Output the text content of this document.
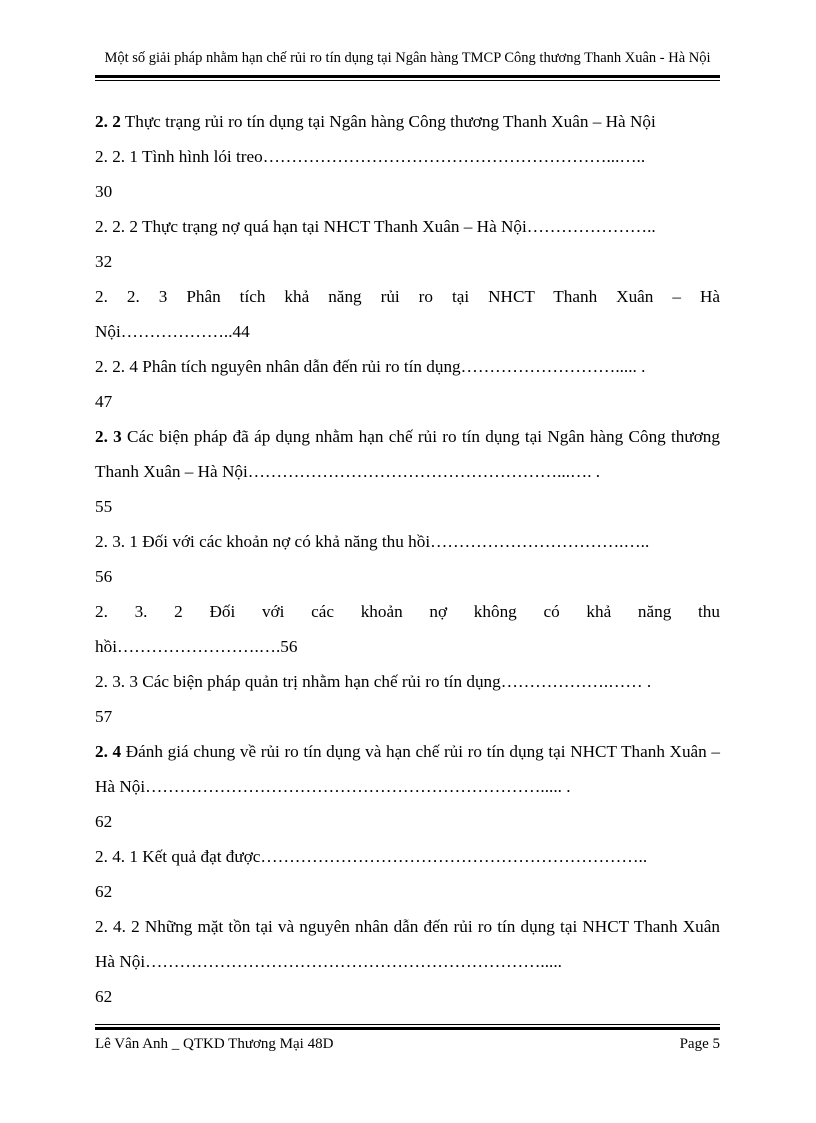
Một số giải pháp nhằm hạn chế rủi ro tín dụng tại Ngân hàng TMCP Công thương Thanh Xuân - Hà Nội

2. 2 Thực trạng rủi ro tín dụng tại Ngân hàng Công thương Thanh Xuân – Hà Nội

2. 2. 1 Tình hình lói treo……………………………………………………...…..
30

2. 2. 2 Thực trạng nợ quá hạn tại NHCT Thanh Xuân – Hà Nội…………………..
32

2. 2. 3 Phân tích khả năng rủi ro tại NHCT Thanh Xuân – Hà
Nội………………..44

2. 2. 4 Phân tích nguyên nhân dẫn đến rủi ro tín dụng………………………..... .
47

2. 3 Các biện pháp đã áp dụng nhằm hạn chế rủi ro tín dụng tại Ngân hàng Công thương Thanh Xuân – Hà Nội………………………………………………...…. .
55

2. 3. 1 Đối với các khoản nợ có khả năng thu hồi…………………………….…..
56

2. 3. 2 Đối với các khoản nợ không có khả năng thu
hồi…………………….….56

2. 3. 3 Các biện pháp quản trị nhằm hạn chế rủi ro tín dụng……………….…… .
57

2. 4 Đánh giá chung về rủi ro tín dụng và hạn chế rủi ro tín dụng tại NHCT Thanh Xuân – Hà Nội……………………………………………………………..... .
62

2. 4. 1 Kết quả đạt được…………………………………………………………..
62

2. 4. 2 Những mặt tồn tại và nguyên nhân dẫn đến rủi ro tín dụng tại NHCT Thanh Xuân Hà Nội…………………………………………………………….....
62

Lê Vân Anh _ QTKD Thương Mại 48D	Page 5
